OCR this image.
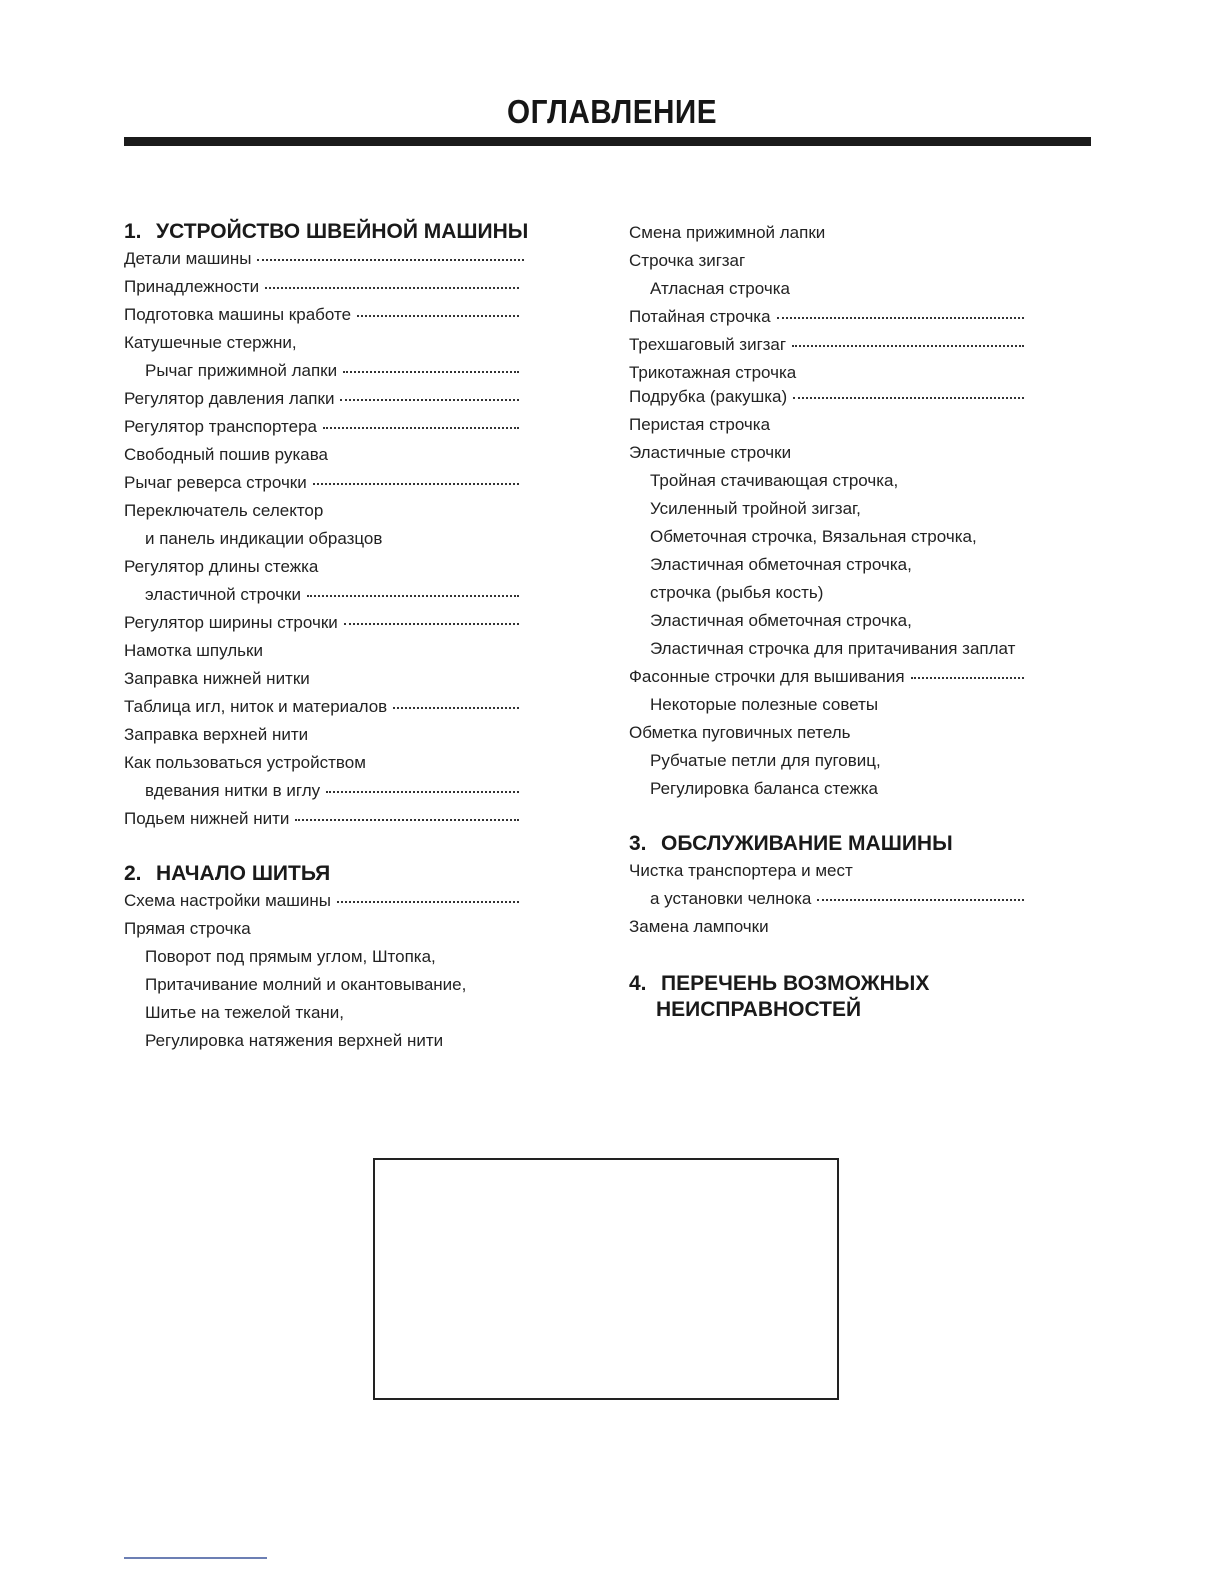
ОГЛАВЛЕНИЕ
1. УСТРОЙСТВО ШВЕЙНОЙ МАШИНЫ
Детали машины
Принадлежности
Подготовка машины кработе
Катушечные стержни,
Рычаг прижимной лапки
Регулятор давления лапки
Регулятор транспортера
Свободный пошив рукава
Рычаг реверса строчки
Переключатель селектор
и панель индикации образцов
Регулятор длины стежка
эластичной строчки
Регулятор ширины строчки
Намотка шпульки
Заправка нижней нитки
Таблица игл, ниток и материалов
Заправка верхней нити
Как пользоваться устройством
вдевания нитки в иглу
Подьем нижней нити
2. НАЧАЛО ШИТЬЯ
Схема настройки машины
Прямая строчка
Поворот под прямым углом, Штопка,
Притачивание молний и окантовывание,
Шитье на тежелой ткани,
Регулировка натяжения верхней нити
Смена прижимной лапки
Строчка зигзаг
Атласная строчка
Потайная строчка
Трехшаговый зигзаг
Трикотажная строчка
Подрубка (ракушка)
Перистая строчка
Эластичные строчки
Тройная стачивающая строчка,
Усиленный тройной зигзаг,
Обметочная строчка, Вязальная строчка,
Эластичная обметочная строчка,
строчка (рыбья кость)
Эластичная обметочная строчка,
Эластичная строчка для притачивания заплат
Фасонные строчки для вышивания
Некоторые полезные советы
Обметка пуговичных петель
Рубчатые петли для пуговиц,
Регулировка баланса стежка
3. ОБСЛУЖИВАНИЕ МАШИНЫ
Чистка транспортера и мест
а установки челнока
Замена лампочки
4. ПЕРЕЧЕНЬ ВОЗМОЖНЫХ
НЕИСПРАВНОСТЕЙ
